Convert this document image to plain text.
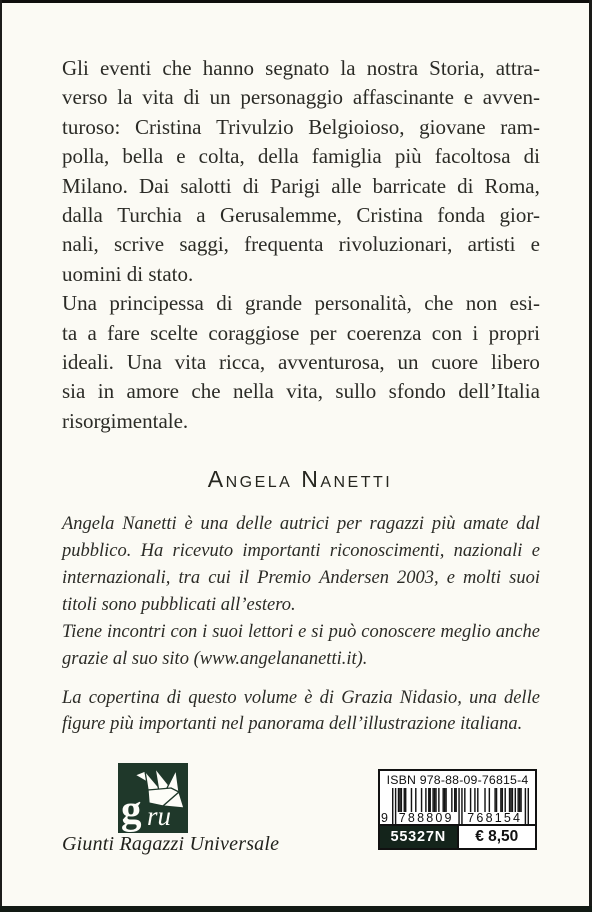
Gli eventi che hanno segnato la nostra Storia, attra-
verso la vita di un personaggio affascinante e avven-
turoso: Cristina Trivulzio Belgioioso, giovane ram-
polla, bella e colta, della famiglia più facoltosa di
Milano. Dai salotti di Parigi alle barricate di Roma,
dalla Turchia a Gerusalemme, Cristina fonda gior-
nali, scrive saggi, frequenta rivoluzionari, artisti e
uomini di stato.
Una principessa di grande personalità, che non esi-
ta a fare scelte coraggiose per coerenza con i propri
ideali. Una vita ricca, avventurosa, un cuore libero
sia in amore che nella vita, sullo sfondo dell’Italia
risorgimentale.
Angela Nanetti
Angela Nanetti è una delle autrici per ragazzi più amate dal
pubblico. Ha ricevuto importanti riconoscimenti, nazionali e
internazionali, tra cui il Premio Andersen 2003, e molti suoi
titoli sono pubblicati all’estero.
Tiene incontri con i suoi lettori e si può conoscere meglio anche
grazie al suo sito (www.angelananetti.it).
La copertina di questo volume è di Grazia Nidasio, una delle
figure più importanti nel panorama dell’illustrazione italiana.
g ru
Giunti Ragazzi Universale
ISBN 978-88-09-76815-4
9 788809	768154
55327N	€ 8,50
